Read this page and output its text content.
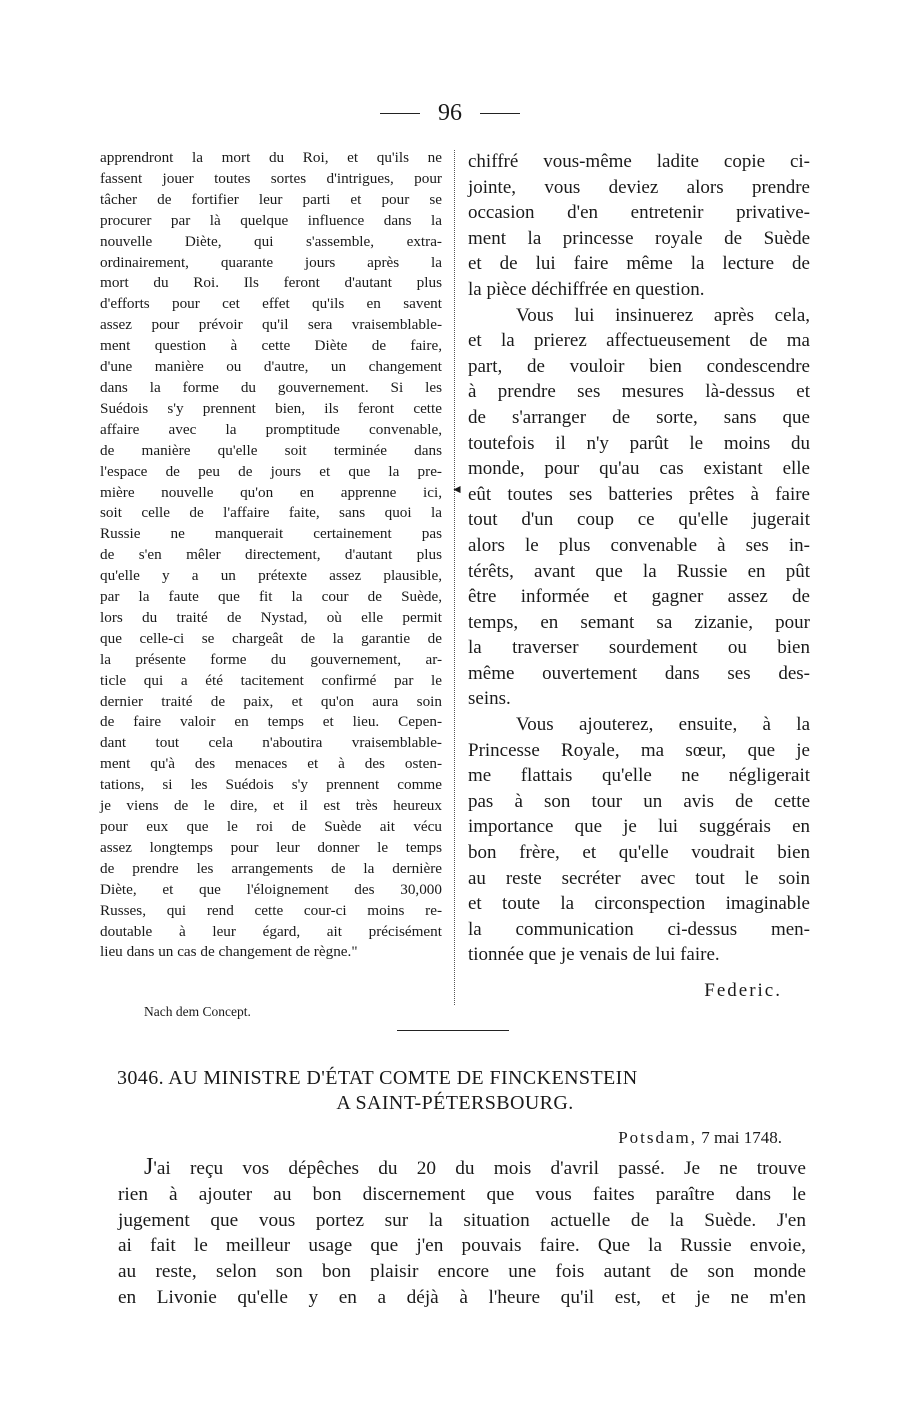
96
apprendront la mort du Roi, et qu'ils ne
fassent jouer toutes sortes d'intrigues, pour
tâcher de fortifier leur parti et pour se
procurer par là quelque influence dans la
nouvelle Diète, qui s'assemble, extra-
ordinairement, quarante jours après la
mort du Roi. Ils feront d'autant plus
d'efforts pour cet effet qu'ils en savent
assez pour prévoir qu'il sera vraisemblable-
ment question à cette Diète de faire,
d'une manière ou d'autre, un changement
dans la forme du gouvernement. Si les
Suédois s'y prennent bien, ils feront cette
affaire avec la promptitude convenable,
de manière qu'elle soit terminée dans
l'espace de peu de jours et que la pre-
mière nouvelle qu'on en apprenne ici,
soit celle de l'affaire faite, sans quoi la
Russie ne manquerait certainement pas
de s'en mêler directement, d'autant plus
qu'elle y a un prétexte assez plausible,
par la faute que fit la cour de Suède,
lors du traité de Nystad, où elle permit
que celle-ci se chargeât de la garantie de
la présente forme du gouvernement, ar-
ticle qui a été tacitement confirmé par le
dernier traité de paix, et qu'on aura soin
de faire valoir en temps et lieu. Cepen-
dant tout cela n'aboutira vraisemblable-
ment qu'à des menaces et à des osten-
tations, si les Suédois s'y prennent comme
je viens de le dire, et il est très heureux
pour eux que le roi de Suède ait vécu
assez longtemps pour leur donner le temps
de prendre les arrangements de la dernière
Diète, et que l'éloignement des 30,000
Russes, qui rend cette cour-ci moins re-
doutable à leur égard, ait précisément
lieu dans un cas de changement de règne."
◄
chiffré vous-même ladite copie ci-
jointe, vous deviez alors prendre
occasion d'en entretenir privative-
ment la princesse royale de Suède
et de lui faire même la lecture de
la pièce déchiffrée en question.
Vous lui insinuerez après cela,
et la prierez affectueusement de ma
part, de vouloir bien condescendre
à prendre ses mesures là-dessus et
de s'arranger de sorte, sans que
toutefois il n'y parût le moins du
monde, pour qu'au cas existant elle
eût toutes ses batteries prêtes à faire
tout d'un coup ce qu'elle jugerait
alors le plus convenable à ses in-
térêts, avant que la Russie en pût
être informée et gagner assez de
temps, en semant sa zizanie, pour
la traverser sourdement ou bien
même ouvertement dans ses des-
seins.
Vous ajouterez, ensuite, à la
Princesse Royale, ma sœur, que je
me flattais qu'elle ne négligerait
pas à son tour un avis de cette
importance que je lui suggérais en
bon frère, et qu'elle voudrait bien
au reste secréter avec tout le soin
et toute la circonspection imaginable
la communication ci-dessus men-
tionnée que je venais de lui faire.
Federic.
Nach dem Concept.
3046. AU MINISTRE D'ÉTAT COMTE DE FINCKENSTEIN
A SAINT-PÉTERSBOURG.
Potsdam, 7 mai 1748.
J'ai reçu vos dépêches du 20 du mois d'avril passé. Je ne trouve
rien à ajouter au bon discernement que vous faites paraître dans le
jugement que vous portez sur la situation actuelle de la Suède. J'en
ai fait le meilleur usage que j'en pouvais faire. Que la Russie envoie,
au reste, selon son bon plaisir encore une fois autant de son monde
en Livonie qu'elle y en a déjà à l'heure qu'il est, et je ne m'en
